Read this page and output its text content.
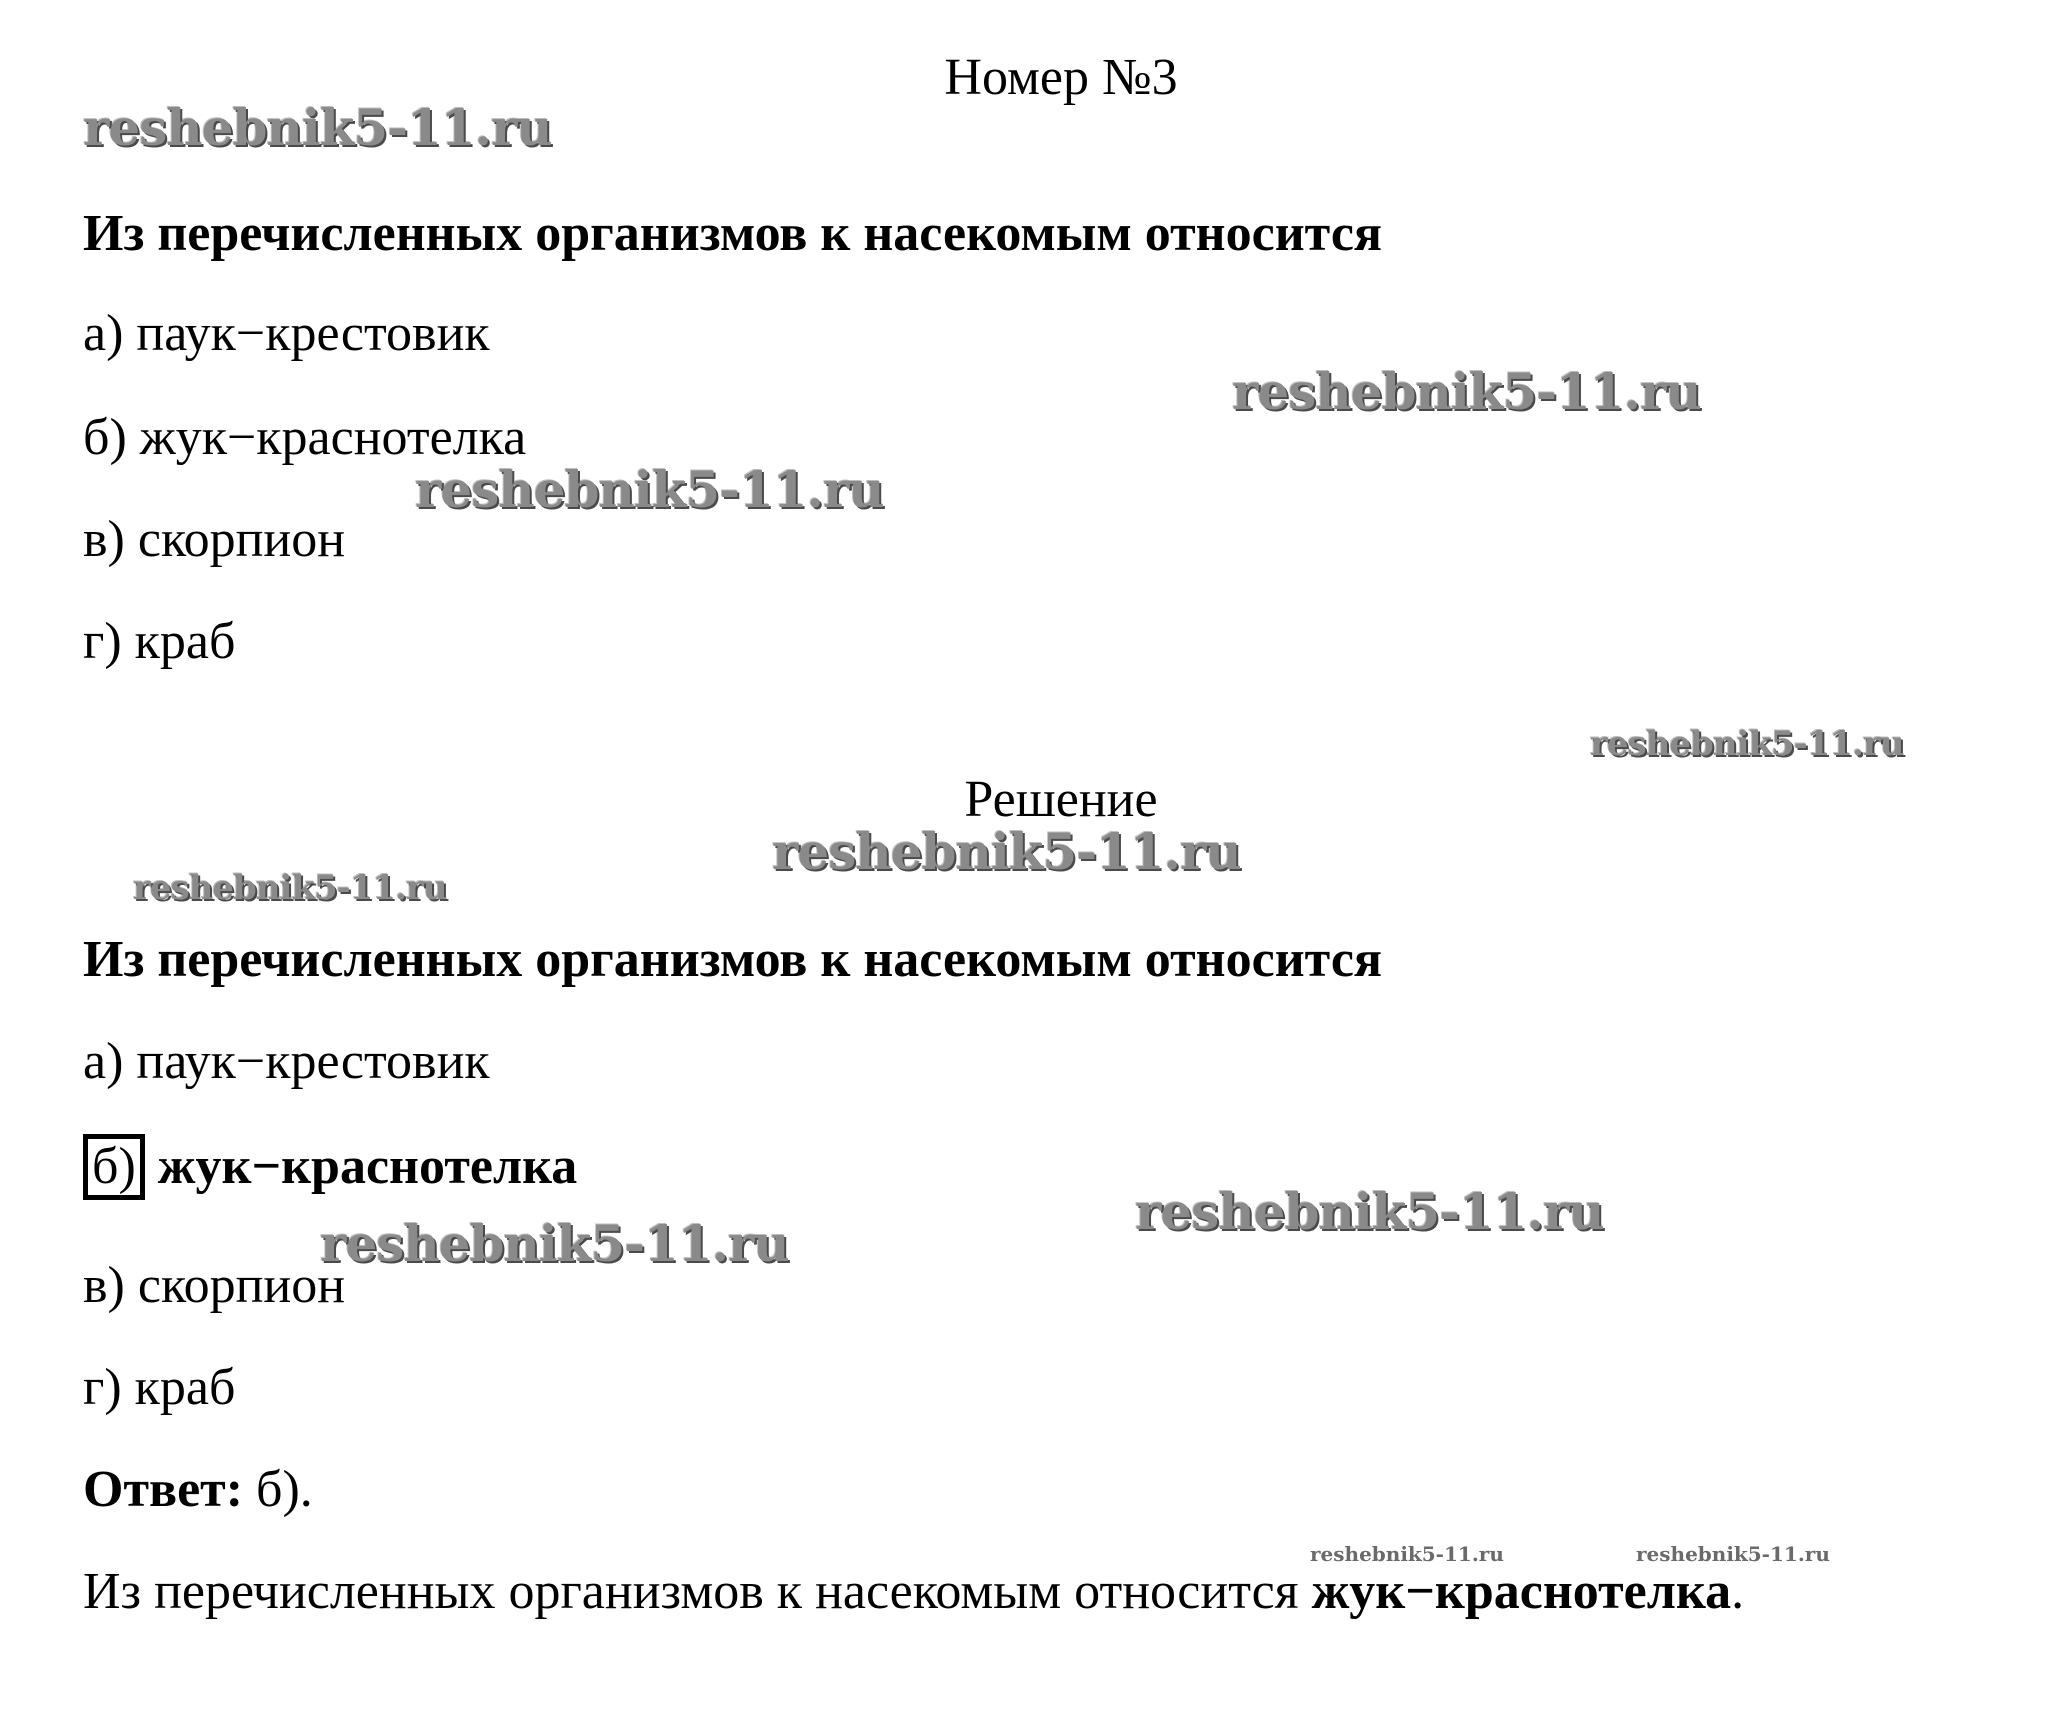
Номер №3
Из перечисленных организмов к насекомым относится
а) паук−крестовик
б) жук−краснотелка
в) скорпион
г) краб
Решение
Из перечисленных организмов к насекомым относится
а) паук−крестовик
б) жук−краснотелка
в) скорпион
г) краб
Ответ: б).
Из перечисленных организмов к насекомым относится жук−краснотелка.
reshebnik5-11.ru
reshebnik5-11.ru
reshebnik5-11.ru
reshebnik5-11.ru
reshebnik5-11.ru
reshebnik5-11.ru
reshebnik5-11.ru
reshebnik5-11.ru
reshebnik5-11.ru	reshebnik5-11.ru
